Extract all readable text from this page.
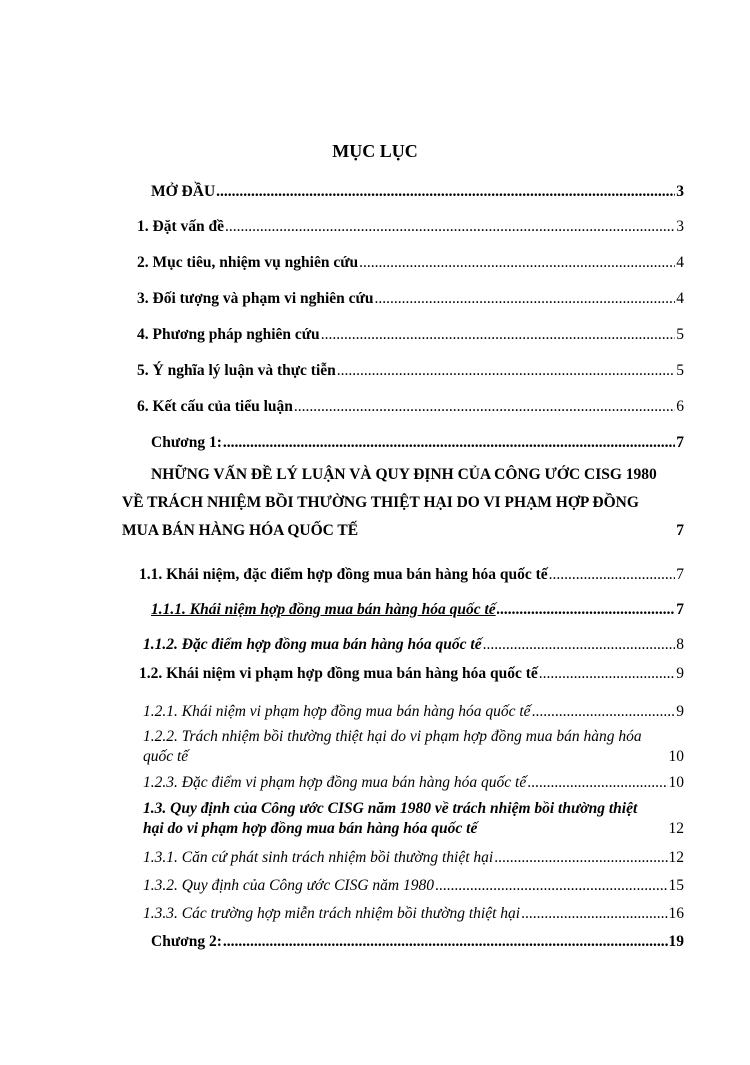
MỤC LỤC
MỞ ĐẦU .....	3
1. Đặt vấn đề .....	3
2. Mục tiêu, nhiệm vụ nghiên cứu .....	4
3. Đối tượng và phạm vi nghiên cứu .....	4
4. Phương pháp nghiên cứu .....	5
5. Ý nghĩa lý luận và thực tiễn .....	5
6. Kết cấu của tiểu luận .....	6
Chương 1: .....	7
NHỮNG VẤN ĐỀ LÝ LUẬN VÀ QUY ĐỊNH CỦA CÔNG ƯỚC CISG 1980
VỀ TRÁCH NHIỆM BỒI THƯỜNG THIỆT HẠI DO VI PHẠM HỢP ĐỒNG
MUA BÁN HÀNG HÓA QUỐC TẾ	7
1.1. Khái niệm, đặc điểm hợp đồng mua bán hàng hóa quốc tế .....	7
1.1.1. Khái niệm hợp đồng mua bán hàng hóa quốc tế .....	7
1.1.2. Đặc điểm hợp đồng mua bán hàng hóa quốc tế .....	8
1.2. Khái niệm vi phạm hợp đồng mua bán hàng hóa quốc tế .....	9
1.2.1. Khái niệm vi phạm hợp đồng mua bán hàng hóa quốc tế .....	9
1.2.2. Trách nhiệm bồi thường thiệt hại do vi phạm hợp đồng mua bán hàng hóa
quốc tế	10
1.2.3. Đặc điểm vi phạm hợp đồng mua bán hàng hóa quốc tế .....	10
1.3. Quy định của Công ước CISG năm 1980 về trách nhiệm bồi thường thiệt
hại do vi phạm hợp đồng mua bán hàng hóa quốc tế	12
1.3.1. Căn cứ phát sinh trách nhiệm bồi thường thiệt hại .....	12
1.3.2. Quy định của Công ước CISG năm 1980 .....	15
1.3.3. Các trường hợp miễn trách nhiệm bồi thường thiệt hại .....	16
Chương 2: .....	19
